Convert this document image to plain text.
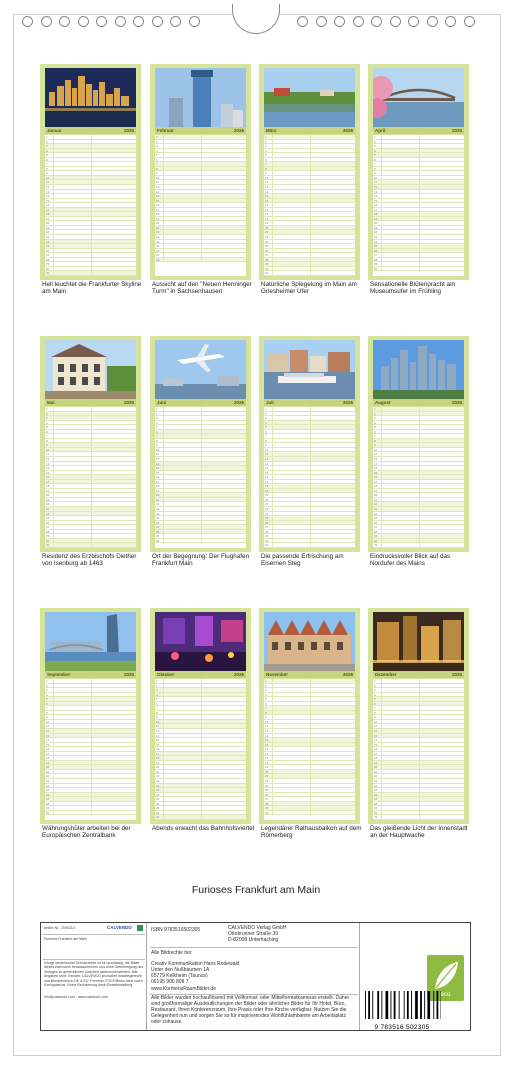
Januar	2026
1
2
3
4
5
6
7
8
9
10
11
12
13
14
15
16
17
18
19
20
21
22
23
24
25
26
27
28
29
30
31
Hell leuchtet die Frankfurter Skyline am Main
Februar	2026
1
2
3
4
5
6
7
8
9
10
11
12
13
14
15
16
17
18
19
20
21
22
23
24
25
26
27
28
Aussicht auf den "Neuen Henninger Turm" in Sachsenhausen
März	2026
1
2
3
4
5
6
7
8
9
10
11
12
13
14
15
16
17
18
19
20
21
22
23
24
25
26
27
28
29
30
31
Natürliche Spiegelung im Main am Griesheimer Ufer
April	2026
1
2
3
4
5
6
7
8
9
10
11
12
13
14
15
16
17
18
19
20
21
22
23
24
25
26
27
28
29
30
Sensationelle Blütenpracht am Museumsufer im Frühling
Mai	2026
1
2
3
4
5
6
7
8
9
10
11
12
13
14
15
16
17
18
19
20
21
22
23
24
25
26
27
28
29
30
31
Residenz des Erzbischofs Diether von Isenburg ab 1463
Juni	2026
1
2
3
4
5
6
7
8
9
10
11
12
13
14
15
16
17
18
19
20
21
22
23
24
25
26
27
28
29
30
Ort der Begegnung: Der Flughafen Frankfurt Main
Juli	2026
1
2
3
4
5
6
7
8
9
10
11
12
13
14
15
16
17
18
19
20
21
22
23
24
25
26
27
28
29
30
31
Die passende Erfrischung am Eisernen Steg
August	2026
1
2
3
4
5
6
7
8
9
10
11
12
13
14
15
16
17
18
19
20
21
22
23
24
25
26
27
28
29
30
31
Eindrucksvoller Blick auf das Nordufer des Mains
September	2026
1
2
3
4
5
6
7
8
9
10
11
12
13
14
15
16
17
18
19
20
21
22
23
24
25
26
27
28
29
30
Währungshüter arbeiten bei der Europäischen Zentralbank
Oktober	2026
1
2
3
4
5
6
7
8
9
10
11
12
13
14
15
16
17
18
19
20
21
22
23
24
25
26
27
28
29
30
31
Abends erwacht das Bahnhofsviertel
November	2026
1
2
3
4
5
6
7
8
9
10
11
12
13
14
15
16
17
18
19
20
21
22
23
24
25
26
27
28
29
30
Legendärer Rathausbalkon auf dem Römerberg
Dezember	2026
1
2
3
4
5
6
7
8
9
10
11
12
13
14
15
16
17
18
19
20
21
22
23
24
25
26
27
28
29
30
31
Das gleißende Licht der Innenstadt an der Hauptwache
Furioses Frankfurt am Main
Artikel Nr.: 2090313	CALVENDO
Furioses Frankfurt am Main
Infolge bestehender Schutzrechte ist es unzulässig, die Bilder dieses Kalenders herauszutrennen und ohne Genehmigung des Verlages zu gewerblichen Zwecken weiterzuverwenden. Alle Angaben ohne Gewähr. CALVENDO produziert bedarfsgerecht und klimaneutral in DE & EU. Premium FSC®/Blanc dans sucre. Konsignierbar. Keine Reduzierung dank Einzelbestellung.
info@calvendo.com · www.calvendo.com
ISBN 9783516502305	CALVENDO Verlag GmbH
Ottobrunner Straße 39
D-82008 Unterhaching
Alle Bildrechte bei:
Creativ Kommunikation Hans Rodewald
Unter den Nußbäumen 1A
65779 Kelkheim (Taunus)
06195 906 808 7
www.KorrbenzRaumBilder.de
Alle Bilder wurden hochauflösend mit Vollformat- oder Mittelformatkameras erstellt. Daher sind großformatige Ausdeutlichungen der Bilder oder ähnlicher Bilder für Ihr Hotel, Büro, Restaurant, Ihren Konferenzraum, Ihre Praxis oder Ihre Kirche verfügbar. Nutzen Sie die Gelegenheit nun und sorgen Sie so für inspirierendes Wohlfühlambiente am Arbeitsplatz oder zuhause.
eco
9 783516 502305
